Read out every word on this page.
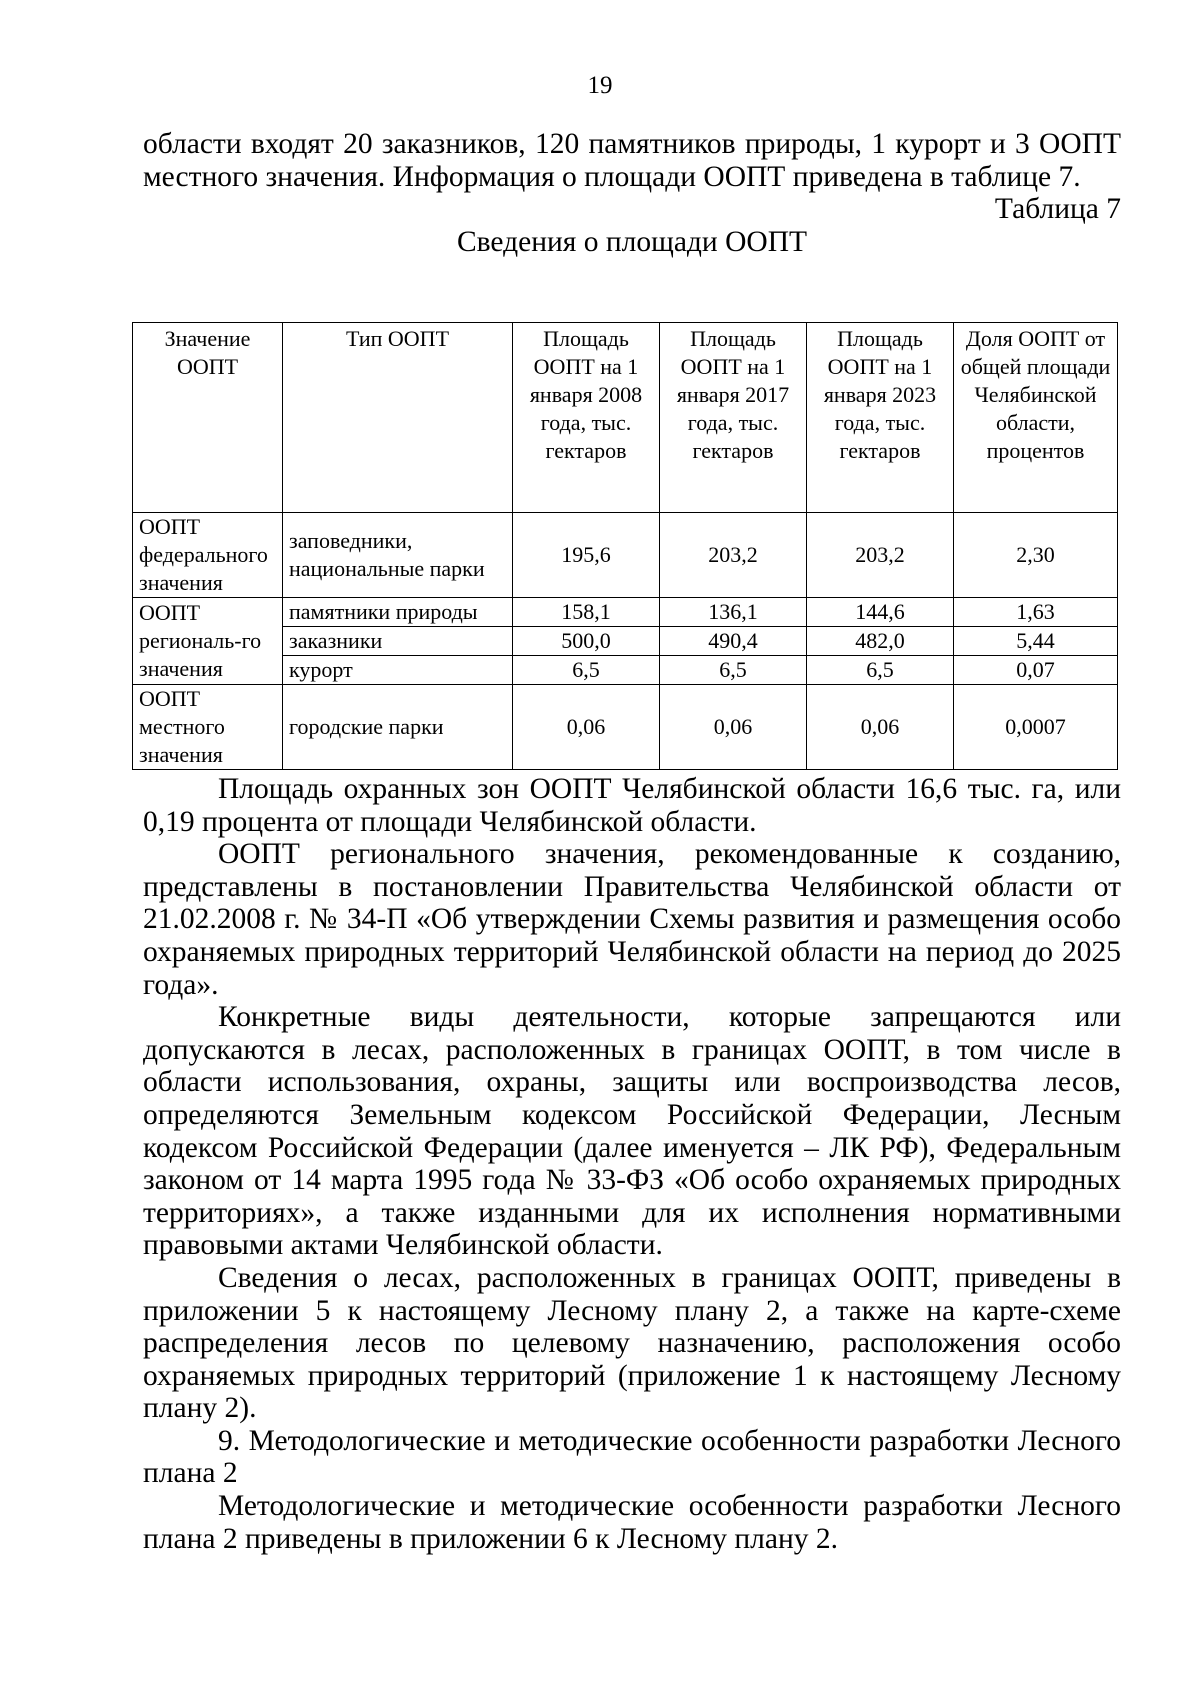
19

области входят 20 заказников, 120 памятников природы, 1 курорт и 3 ООПТ местного значения. Информация о площади ООПТ приведена в таблице 7.

Таблица 7

Сведения о площади ООПТ

Значение ООПТ	Тип ООПТ	Площадь ООПТ на 1 января 2008 года, тыс. гектаров	Площадь ООПТ на 1 января 2017 года, тыс. гектаров	Площадь ООПТ на 1 января 2023 года, тыс. гектаров	Доля ООПТ от общей площади Челябинской области, процентов
ООПТ федерального значения	заповедники, национальные парки	195,6	203,2	203,2	2,30
ООПТ региональ-го значения	памятники природы	158,1	136,1	144,6	1,63
	заказники	500,0	490,4	482,0	5,44
	курорт	6,5	6,5	6,5	0,07
ООПТ местного значения	городские парки	0,06	0,06	0,06	0,0007

Площадь охранных зон ООПТ Челябинской области 16,6 тыс. га, или 0,19 процента от площади Челябинской области.

ООПТ регионального значения, рекомендованные к созданию, представлены в постановлении Правительства Челябинской области от 21.02.2008 г. № 34-П «Об утверждении Схемы развития и размещения особо охраняемых природных территорий Челябинской области на период до 2025 года».

Конкретные виды деятельности, которые запрещаются или допускаются в лесах, расположенных в границах ООПТ, в том числе в области использования, охраны, защиты или воспроизводства лесов, определяются Земельным кодексом Российской Федерации, Лесным кодексом Российской Федерации (далее именуется – ЛК РФ), Федеральным законом от 14 марта 1995 года № 33-ФЗ «Об особо охраняемых природных территориях», а также изданными для их исполнения нормативными правовыми актами Челябинской области.

Сведения о лесах, расположенных в границах ООПТ, приведены в приложении 5 к настоящему Лесному плану 2, а также на карте-схеме распределения лесов по целевому назначению, расположения особо охраняемых природных территорий (приложение 1 к настоящему Лесному плану 2).

9. Методологические и методические особенности разработки Лесного плана 2

Методологические и методические особенности разработки Лесного плана 2 приведены в приложении 6 к Лесному плану 2.
